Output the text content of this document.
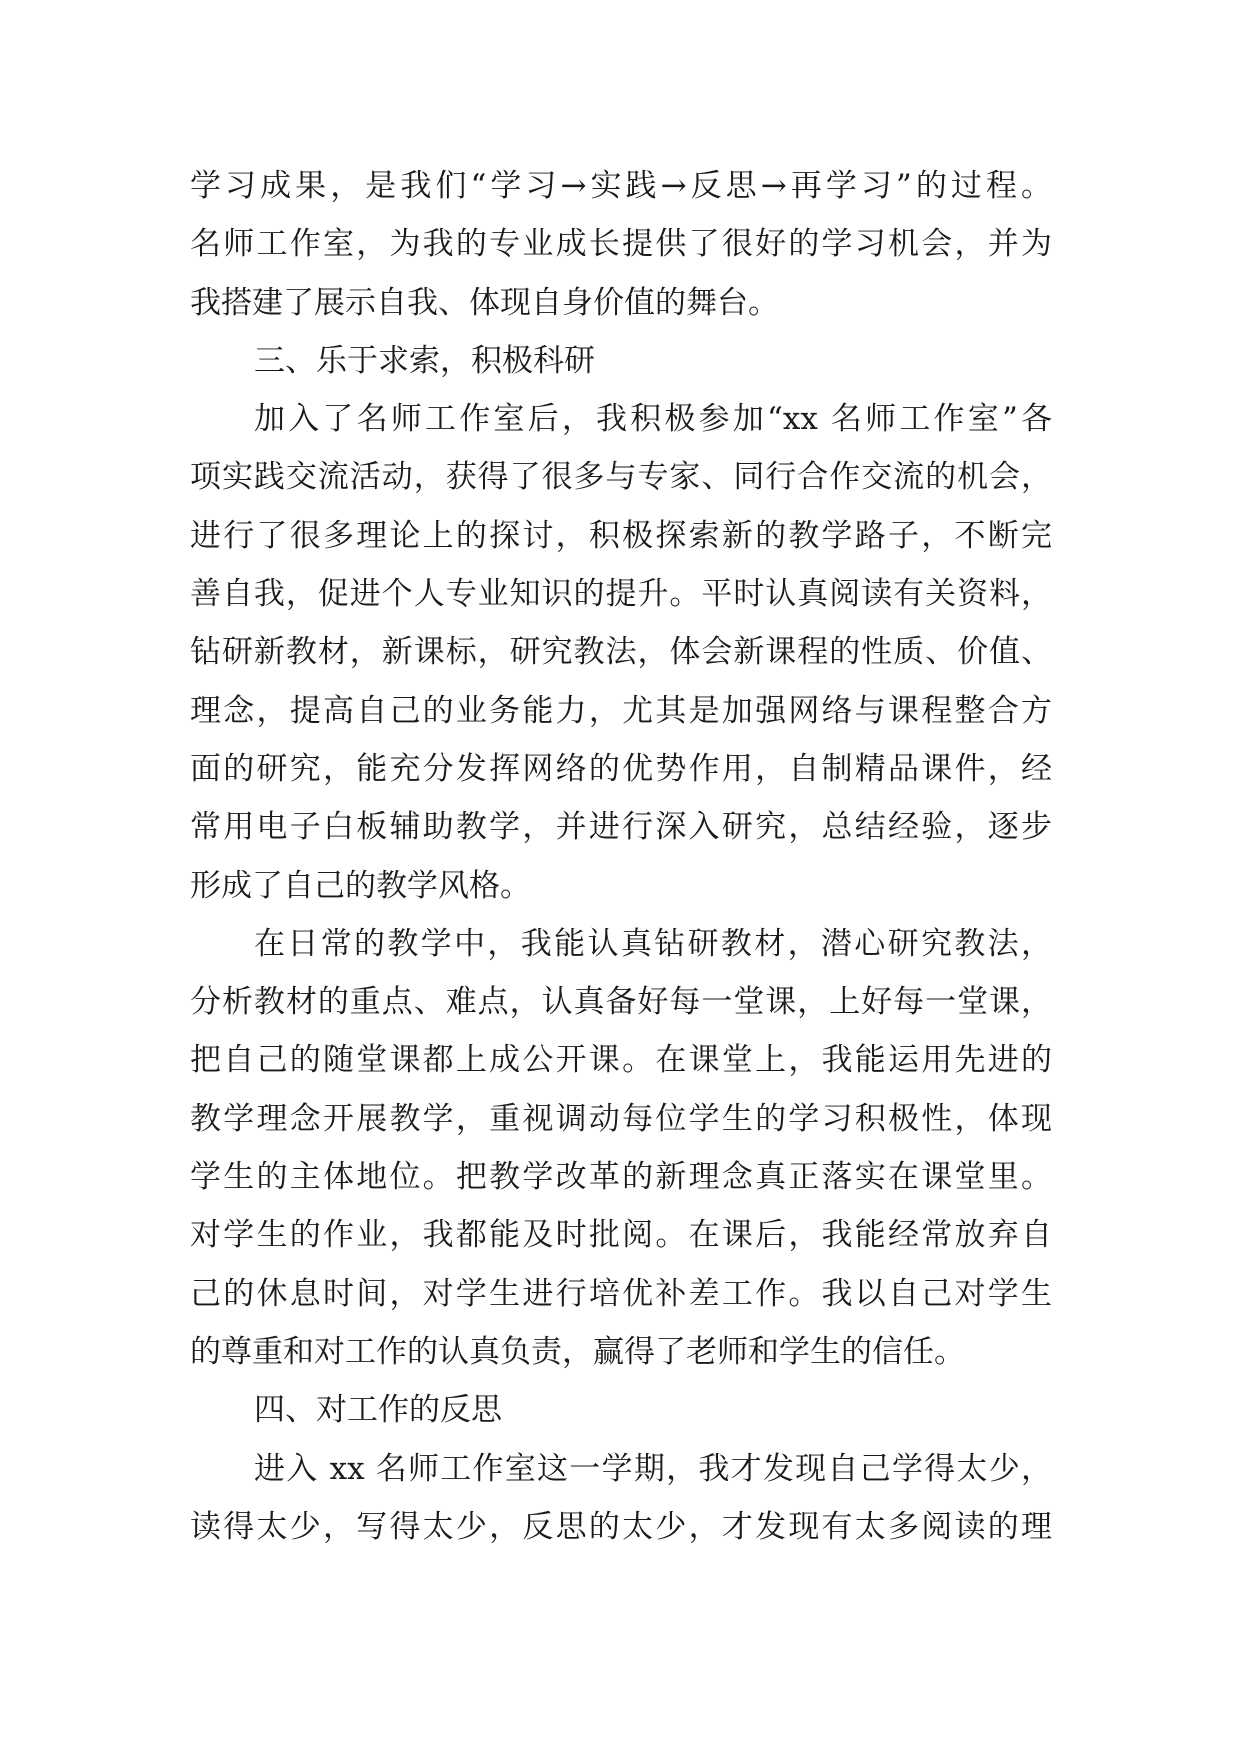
学习成果，是我们“学习→实践→反思→再学习”的过程。
名师工作室，为我的专业成长提供了很好的学习机会，并为
我搭建了展示自我、体现自身价值的舞台。
三、乐于求索，积极科研
加入了名师工作室后，我积极参加“xx 名师工作室”各
项实践交流活动，获得了很多与专家、同行合作交流的机会，
进行了很多理论上的探讨，积极探索新的教学路子，不断完
善自我，促进个人专业知识的提升。平时认真阅读有关资料，
钻研新教材，新课标，研究教法，体会新课程的性质、价值、
理念，提高自己的业务能力，尤其是加强网络与课程整合方
面的研究，能充分发挥网络的优势作用，自制精品课件，经
常用电子白板辅助教学，并进行深入研究，总结经验，逐步
形成了自己的教学风格。
在日常的教学中，我能认真钻研教材，潜心研究教法，
分析教材的重点、难点，认真备好每一堂课，上好每一堂课，
把自己的随堂课都上成公开课。在课堂上，我能运用先进的
教学理念开展教学，重视调动每位学生的学习积极性，体现
学生的主体地位。把教学改革的新理念真正落实在课堂里。
对学生的作业，我都能及时批阅。在课后，我能经常放弃自
己的休息时间，对学生进行培优补差工作。我以自己对学生
的尊重和对工作的认真负责，赢得了老师和学生的信任。
四、对工作的反思
进入 xx 名师工作室这一学期，我才发现自己学得太少，
读得太少，写得太少，反思的太少，才发现有太多阅读的理
